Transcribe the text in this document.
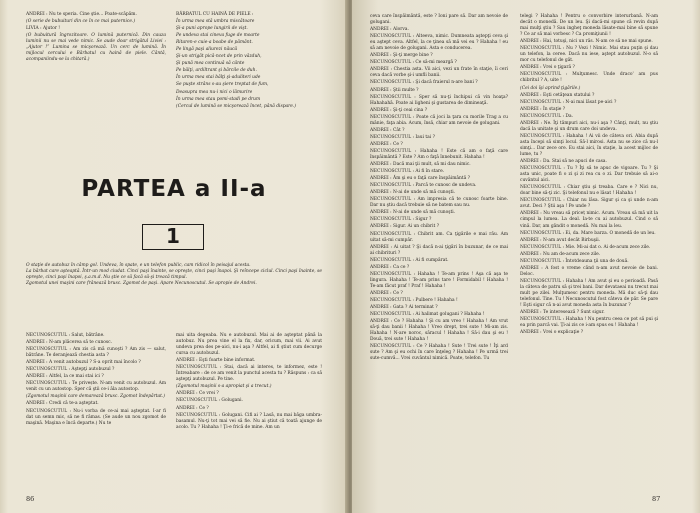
ANDREI : Nu te speria. Cine ştie... Poate-scăpăm.

(O serie de bubuituri din ce în ce mai puternice.)

LIVIA : Ajutor !

(O bubuitură îngrozitoare. O lumină puternică. Din cauza luminii nu se mai vede nimic. Se aude doar strigătul Liviei : „Ajutor !” Lumina se micşorează. Un cerc de lumină. În mijlocul cercului e Bărbatul cu haină de piele. Cântă, acompaniindu-se la chitară.)

BĂRBATUL CU HAINĂ DE PIELE :

În urma mea stă umbra miscătoare

Şi-a puni aprope lungirii de vişt.

Pe undeva stai cineva fuge de moarte

Ritaren-e cuie-a boabe de pământ.

Pe lingă paşi aliurezi năucă

Şi-un strigăt pică-ncet de prin văzduh,

Şi pună mea continuă să cânte

Pe bălţi, ardiltrant şi bărcile de duh.

În urma mea stai bălţi şi-aduliteri ude

Se puşte strâns s-au şiere treptat de fum,

Deasupra mea nu-i nici o lămurire

În urma mea stau pomi-stadi pe drum

(Cercul de lumină se micşorează încet, până dispare.)

PARTEA a II-a
1

O staţie de autobuz în câmp gol. Undeva, în spate, e un telefon public, cam ridicol în peisajul acesta.
La bărbat care aşteaptă. Într-un mod ciudat. Cinci paşi înainte, se opreşte, cinci paşi înapoi. Şi reîncepe ciclul. Cinci paşi înainte, se opreşte, cinci paşi înapoi, ş.a.m.d. Nu ştie ce să facă să-şi treacă timpul.
Zgomotul unei maşini care frânează brusc. Zgomot de paşi. Apare Necunoscutul. Se apropie de Andrei.

NECUNOSCUTUL : Salut, bătrâne.

ANDREI : N-am plăcerea să te cunosc.

NECUNOSCUTUL : Am zis că mă cunoşti ? Am zis — salut, bătrâne. Te deranjează chestia asta ?

ANDREI : A venit autobuzul ? S-a oprit mai încolo ?

NECUNOSCUTUL : Aştepţi autobuzul ?

ANDREI : Altfel, la ce mai stai ici ?

NECUNOSCUTUL : Te privește. N-am venit cu autobuzul. Am venit cu un autostop. Sper că ştii ce-i ăla autostop.

(Zgomotul maşinii care demarează brusc. Zgomot îndepărtat.)

ANDREI : Credi că te-a aşteptat.

NECUNOSCUTUL : Nu-i vorba de ce-ai mai aşteptat. I-ar fi dat un semn mic, să ne fi rămas. (Se aude un nou zgomot de maşină. Maşina e încă departe.) Nu te

mai uita degeaba. Nu e autobuzul. Mai ai de aşteptat până la autobuz. Nu prea vine el la fix, dar, oricum, mai vii. Ai avut undeva prea des pe-aici, nu-i aşa ? Altfel, ai fi ştiut cum decurge cursa cu autobuzul.

ANDREI : Eşti foarte bine informat.

NECUNOSCUTUL : Stai, dacă ai interes, te informez, este ! Întreabare : de ce am venit la punctul acesta tu ? Răspuns : ca să aştepţi autobuzul. Pe tine.

(Zgomotul maşinii s-a apropiat şi a trecut.)

ANDREI : Ce vrei ?

NECUNOSCUTUL : Golugani.

ANDREI : Ce ?

NECUNOSCUTUL : Golugani. Cifi ai ? Lasă, nu mai băga umbra-basamul. Nu-ţi tot mai vei să fie. Nu ai ştiut că toată ajunge de acolo. Tu ? Hahaha ! Ţi-e frică de mine. Am un

86

ceva care înspăimântă, este ? Ioni pare să. Dar am nevoie de golugani.

ANDREI : Alorva.

NECUNOSCUTUL : Alteeva, nimic. Dumneata aştepţi ceva şi eu aştept ceva. Altfel, la ce ţinea să mă vei eu ? Hahaha ! eu să am nevoie de golugani. Asta e conducerea.

ANDREI : Şi-ţi merge bine ?

NECUNOSCUTUL : Ce să-mi meargă ?

ANDREI : Chestia asta. Vii aici, vezi un frate în staţie, îi ceri ceva dacă vorbe şi-i umfli banii.

NECUNOSCUTUL : Şi dacă fraierul n-are bani ?

ANDREI : Ştii multe ?

NECUNOSCUTUL : Sper să nu-ţi închipui că vin hoaţa? Hahahahă. Poate ai ligheni şi gustarea de dimineaţă.

ANDREI : Şi-ţi ceai cina ?

NECUNOSCUTUL : Poate că joci la ţara cu morile Trag a cu mânie, faţa abia. Acum, însă, chiar am nevoie de golugani.

ANDREI : Cât ?

NECUNOSCUTUL : Iaui tai ?

ANDREI : Ce ?

NECUNOSCUTUL : Hahaha ! Este că am o faţă care înspăimântă ? Este ? Am o faţă înnebunit. Hahaha !

ANDREI : Dacă mai ţii mult, să mi dau nimic.

NECUNOSCUTUL : Ai fi în stare.

ANDREI : Ăm şi eu o faţă care înspăimântă ?

NECUNOSCUTUL : Parcă te cunosc de undeva.

ANDREI : N-ai de unde să mă cunoşti.

NECUNOSCUTUL : Am impresia că te cunosc foarte bine. Dar nu ştiu dacă trebuie să ne batem sau nu.

ANDREI : N-ai de unde să mă cunoşti.

NECUNOSCUTUL : Sigur ?

ANDREI : Sigur. Ai un chibrit ?

NECUNOSCUTUL : Chibrit am. Ca ţigările e mai rău. Am uitat să-mi cumpăr.

ANDREI : Ai uitat ? Şi dacă n-ai ţigări în buzunar, de ce mai ai chibrituri ?

NECUNOSCUTUL : Ai fi cumpărat.

ANDREI : Ca ce ?

NECUNOSCUTUL : Hahaha ! Te-am prins ! Aşa că aşa te lingura. Hahaha ! Te-am prins tare ! Formidabil ! Hahaha ! Te-am făcut praf ! Praf ! Hahaha !

ANDREI : Ce ?

NECUNOSCUTUL : Pulbere ! Hahaha !

ANDREI : Gata ? Ai terminat ?

NECUNOSCUTUL : Ai halimat golugani ? Hahaha !

ANDREI : Ce ? Hahaha ! Şi cu am vreo ! Hahaha ! Am vrut să-ţi dau banii ! Hahaha ! Vreo drept, trei sute ! Mi-am zis. Hahaha ! N-are noroc, săracul ! Hahaha ! Să-i dau şi eu ! Două, trei sute ! Hahaha !

NECUNOSCUTUL : Ce ? Hahaha ! Sute ! Trei sute ! Îţi ard sute ? Am şi eu ochi în care înţeleg ? Hahaha ! Pe urmă trei sute-cumvă... Vrei cuvântul nimică. Poate, telefon. Tu

telegi ? Hahaha ! Pentru o convorbire interurbană. N-am decât o monedă. De un leu. Şi dacă-mi spune că revin după mai mulţi ştiu ? Sau ingheţ moneda lăsate-mai bine să spune ? Ce ar să mai vorbesc ? Ca promiţiunii !

ANDREI : Hai, totuşi, nici un răs. N-am ce să ne mai spune.

NECUNOSCUTUL : Nu ? Vezi ! Nimic. Mai stau puţin şi dau un telefon, la ceree. Dacă nu iese, aştept autobuzul. N-o să mor cu telefonul de gât.

ANDREI : Vrei o ţigară ?

NECUNOSCUTUL : Mulţumesc. Unde draco' am pus chibritul ? A, uite !

(Cei doi îşi aprind ţigările.)

ANDREI : Eşti cetăţean statului ?

NECUNOSCUTUL : N-ai mai lăsat pe-aici ?

ANDREI : În staţie ?

NECUNOSCUTUL : Da.

ANDREI : Ne. Îţi tâmpuri aici, nu-i aşa ? Cânţi, mult, nu ştiu dacă la unitate şi un drum care doi undeva.

NECUNOSCUTUL : Hahaha ! Ai vii de câteva ori. Abia după asta începi să simţi locul. Să-l mirosi. Asta nu se zice că nu-l simţi... Dar zece ore. Eu stai aici, în staţie, la acest mijloc de lume, tu ?

ANDREI : Da. Stai să ne apuci de casa.

NECUNOSCUTUL : Tu ? Îţi să te apuc de vigoare. Tu ? Şi asta unic, poate fi o zi şi zi rea cu o zi. Dar trebuie să ai-o cuvântul aici.

NECUNOSCUTUL : Chiar ştiu şi treaba. Care e ? Nici nu, doar bine să-ţi zic. Şi telefonul nu e lăsat ! Hahaha !

NECUNOSCUTUL : Chiar nu lăsa. Sigur şi ca şi unde n-am avut. Deci ? Ştii aşa ! Pe unde ?

ANDREI : Nu vreau să priceț nimic. Acum. Vreau să mă uit la cimpul la lumea. La deal. Ia-te cu ai autobuzul. Cind o să vină. Dar, am gândit o monedă. Nu mai la leu.

NECUNOSCUTUL : Ei, da. Mare barza. O monedă de un leu.

ANDREI : N-am avut decât Birbuşii.

NECUNOSCUTUL : Mie. Mi-ai dat o. Ai de-acum zece zile.

ANDREI : Nu am de-acum zece zile.

NECUNOSCUTUL : Întotdeauna ţii una de două.

ANDREI : A fost o vreme când n-am avut nevoie de bani. Deloc.

NECUNOSCUTUL : Hahaha ! Am avut şi eu o perioadă. Pasă la câteva de patru să şi trei bani. Dar devataeai nu trecut mai mult pe zilei. Mulţumesc pentru moneda. Mă duc să-ţi dau telefonul. Tine. Tu ! Necunoscutul fost câteva de păr. Se pare ! Eşti sigur că n-ai avut moneda asta în buzunar ?

ANDREI : Te interesează ? Sunt sigur.

NECUNOSCUTUL : Hahaha ! Nu pentru ceea ce pot să pui şi ea prin parcă vai. Ţi-ai zis ce i-am spus eu ! Hahaha !

ANDREI : Vrei o explicaţie ?

87
